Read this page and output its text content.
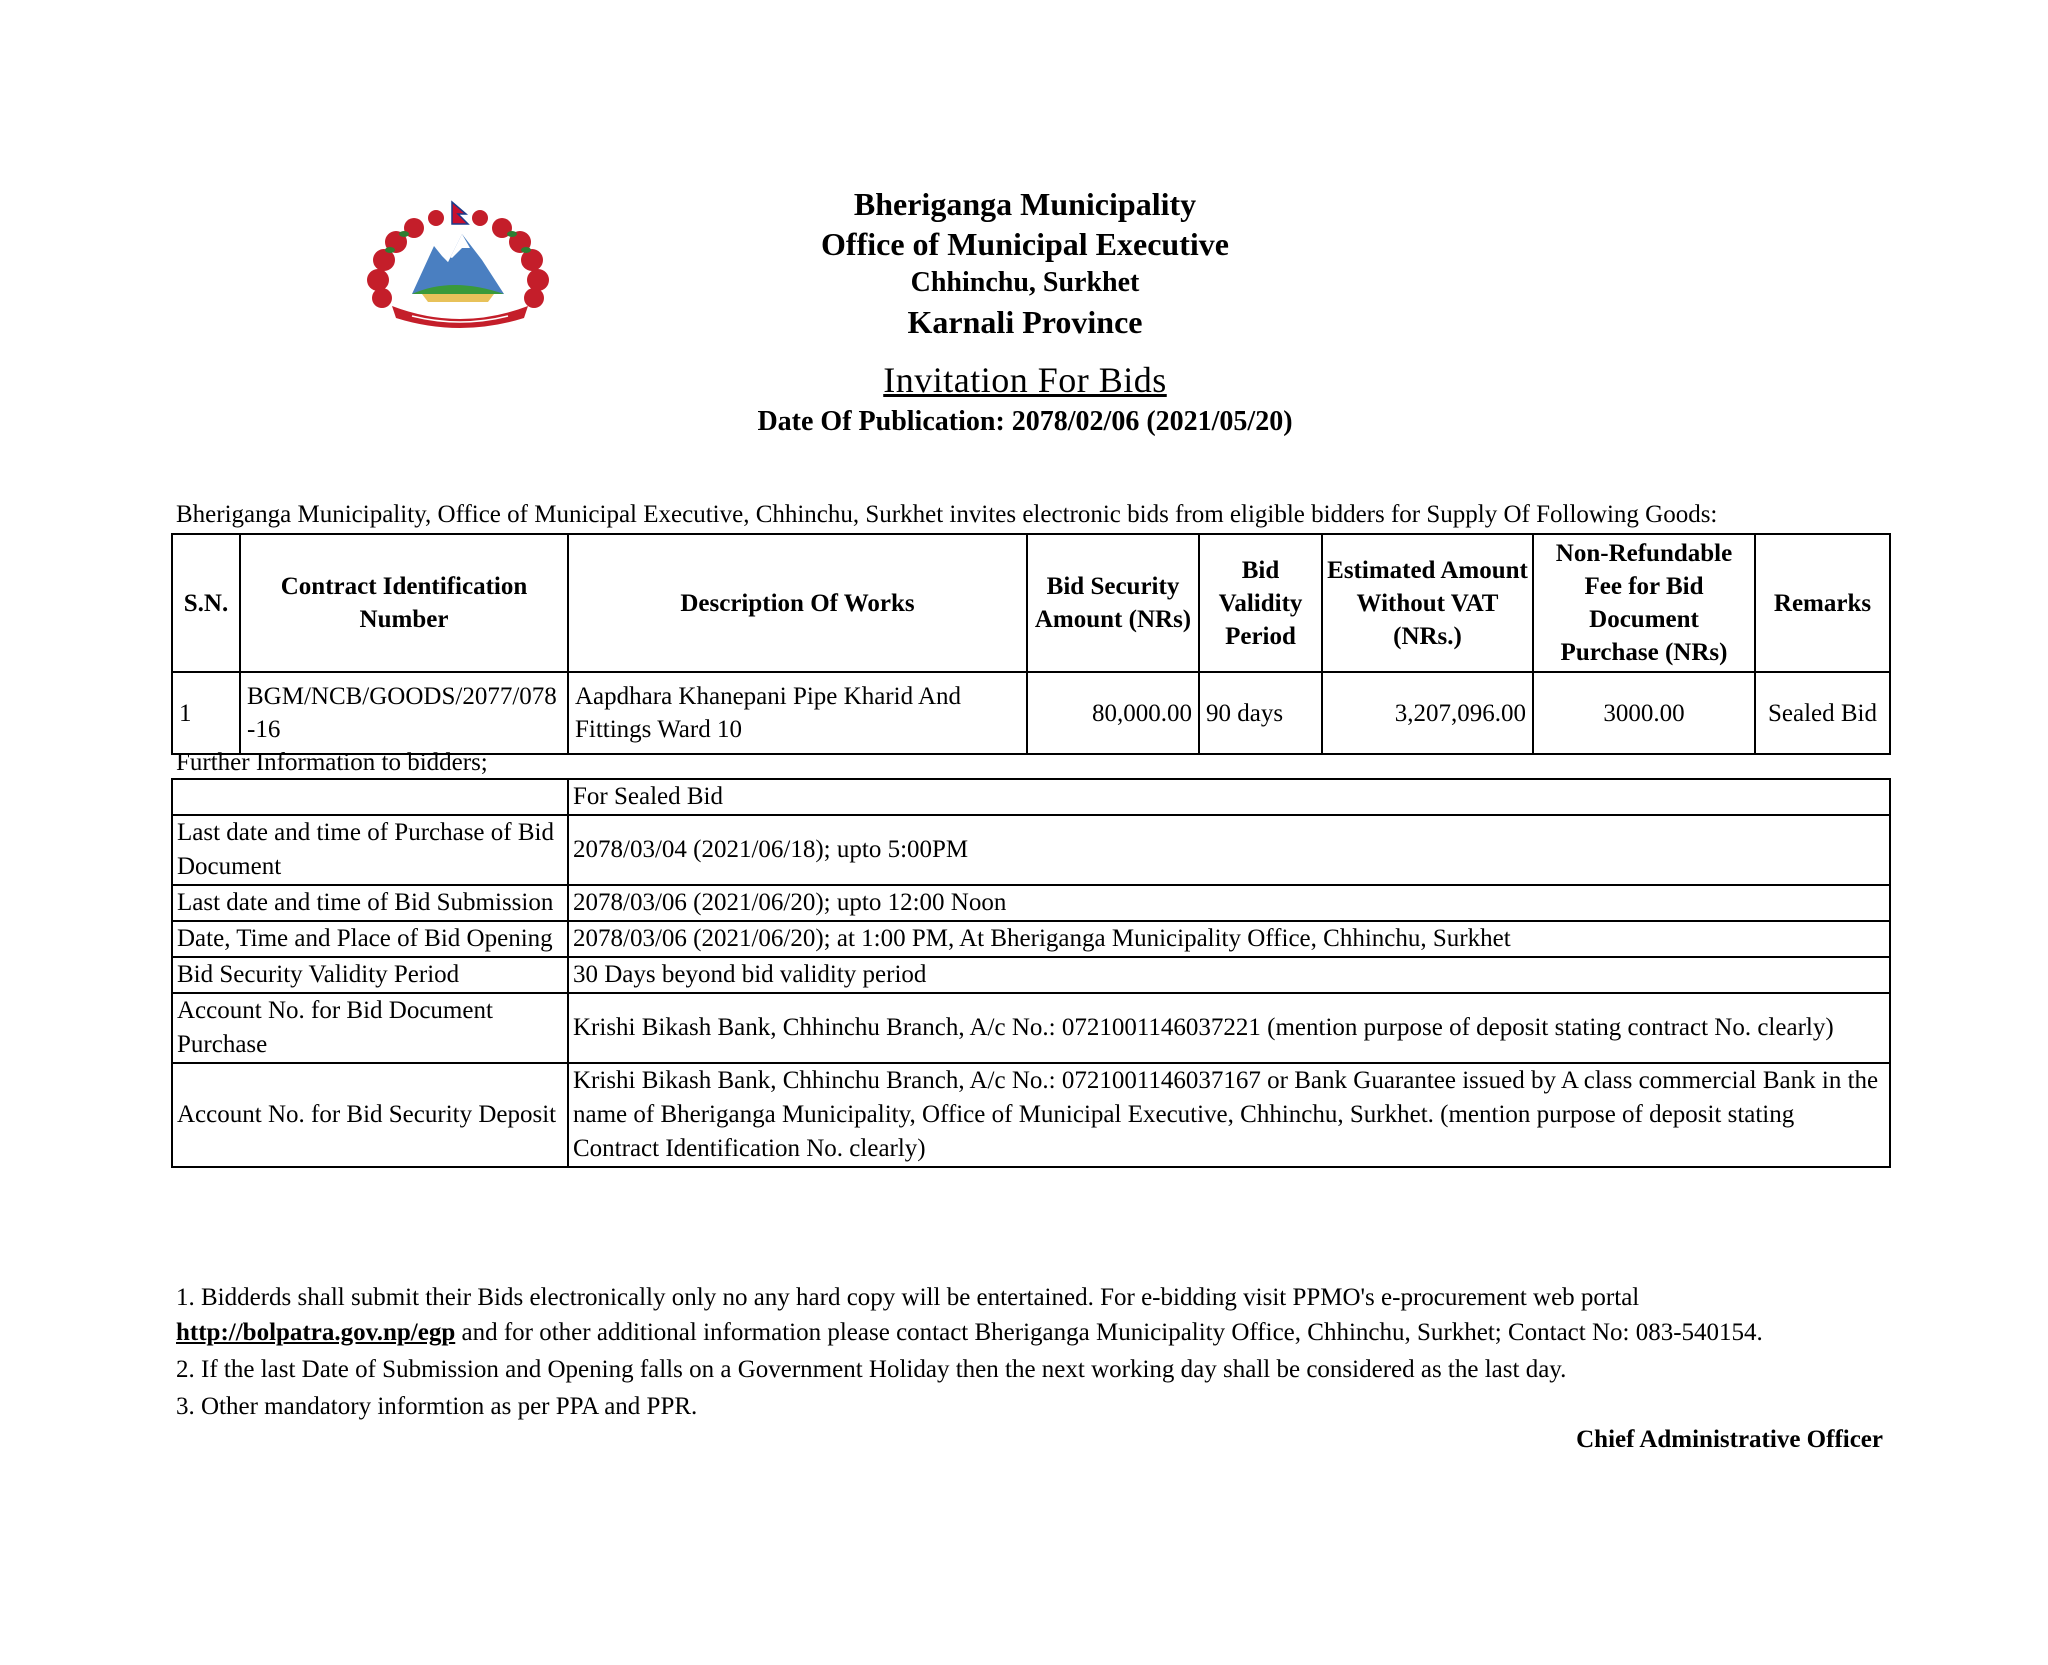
Bheriganga Municipality
Office of Municipal Executive
Chhinchu, Surkhet
Karnali Province
Invitation For Bids
Date Of Publication: 2078/02/06 (2021/05/20)
Bheriganga Municipality, Office of Municipal Executive, Chhinchu, Surkhet invites electronic bids from eligible bidders for Supply Of Following Goods:
S.N.	Contract Identification Number	Description Of Works	Bid Security Amount (NRs)	Bid Validity Period	Estimated Amount Without VAT (NRs.)	Non-Refundable Fee for Bid Document Purchase (NRs)	Remarks
1	BGM/NCB/GOODS/2077/078-16	Aapdhara Khanepani Pipe Kharid And Fittings Ward 10	80,000.00	90 days	3,207,096.00	3000.00	Sealed Bid
Further Information to bidders;
	For Sealed Bid
Last date and time of Purchase of Bid Document	2078/03/04 (2021/06/18); upto 5:00PM
Last date and time of Bid Submission	2078/03/06 (2021/06/20); upto 12:00 Noon
Date, Time and Place of Bid Opening	2078/03/06 (2021/06/20); at 1:00 PM, At Bheriganga Municipality Office, Chhinchu, Surkhet
Bid Security Validity Period	30 Days beyond bid validity period
Account No. for Bid Document Purchase	Krishi Bikash Bank, Chhinchu Branch, A/c No.: 0721001146037221 (mention purpose of deposit stating contract No. clearly)
Account No. for Bid Security Deposit	Krishi Bikash Bank, Chhinchu Branch, A/c No.: 0721001146037167 or Bank Guarantee issued by A class commercial Bank in the name of Bheriganga Municipality, Office of Municipal Executive, Chhinchu, Surkhet. (mention purpose of deposit stating Contract Identification No. clearly)

1. Bidderds shall submit their Bids electronically only no any hard copy will be entertained. For e-bidding visit PPMO's e-procurement web portal
http://bolpatra.gov.np/egp and for other additional information please contact Bheriganga Municipality Office, Chhinchu, Surkhet; Contact No: 083-540154.

2. If the last Date of Submission and Opening falls on a Government Holiday then the next working day shall be considered as the last day.

3. Other mandatory informtion as per PPA and PPR.

Chief Administrative Officer
